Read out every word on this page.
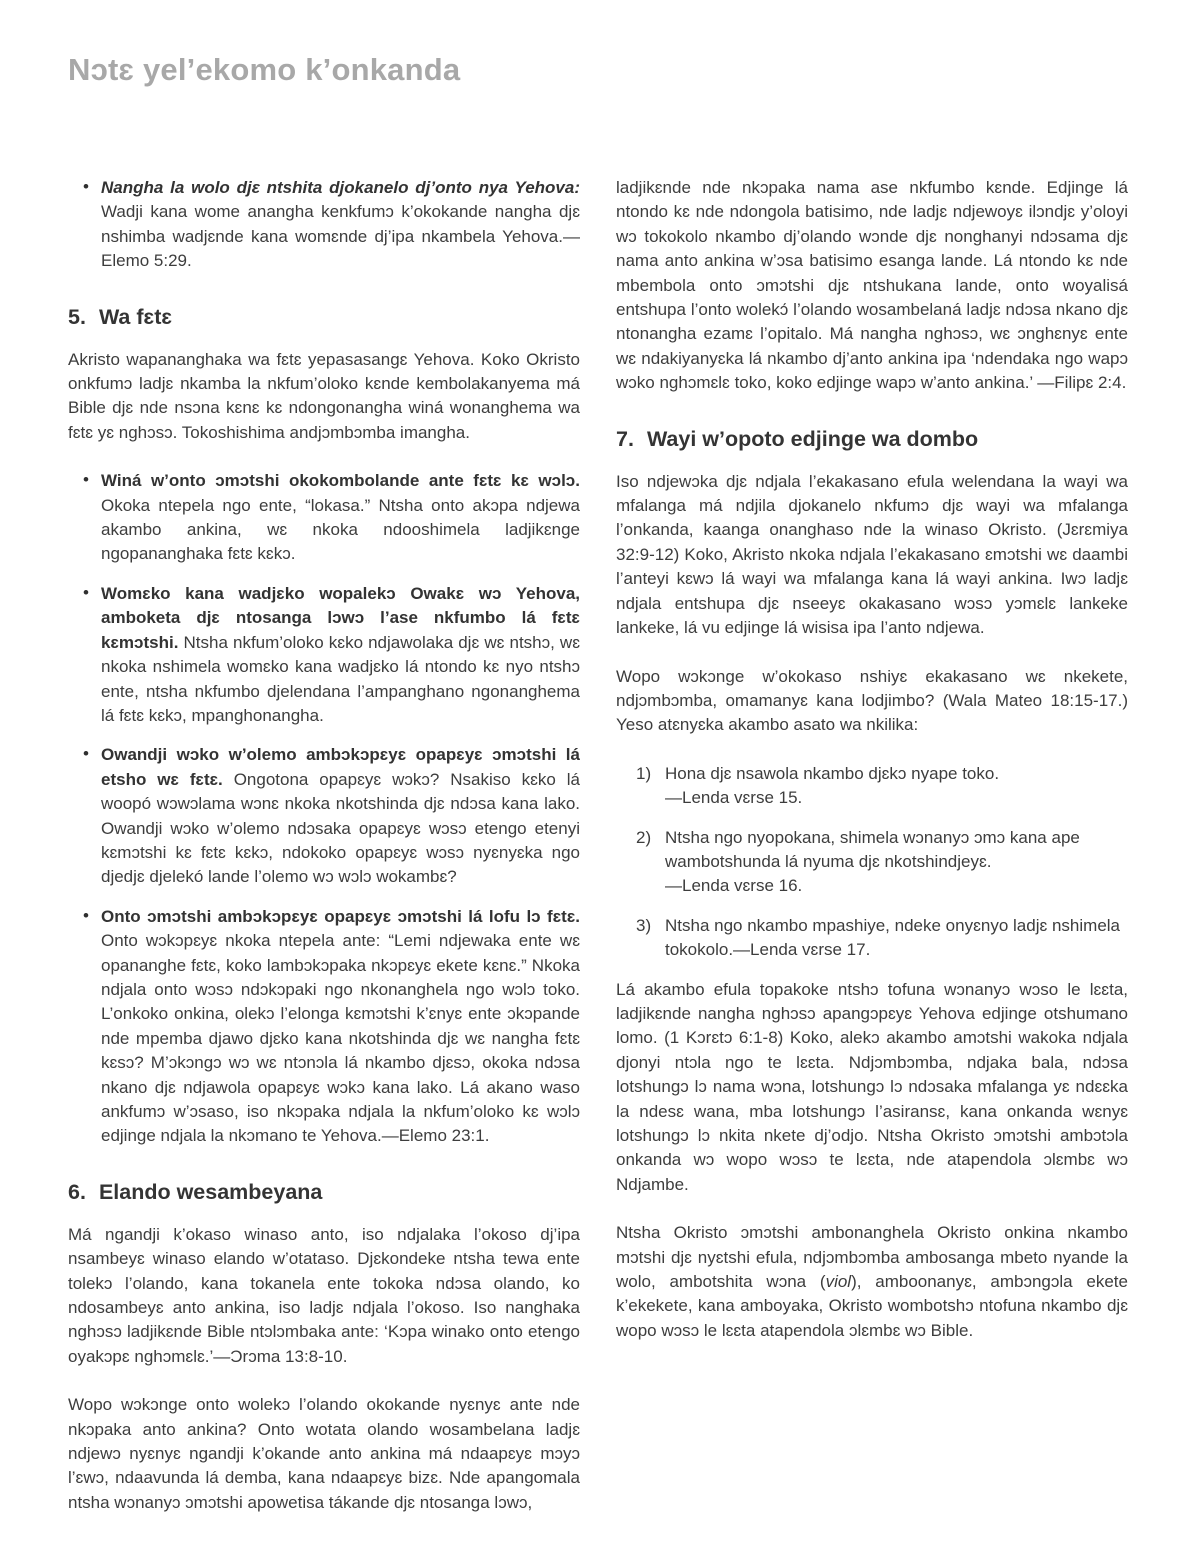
Nɔtɛ yel’ekomo k’onkanda
• Nangha la wolo djɛ ntshita djokanelo dj’onto nya Yehova: Wadji kana wome anangha kenkfumɔ k’okokande nangha djɛ nshimba wadjɛnde kana womɛnde dj’ipa nkambela Yehova.—Elemo 5:29.
5. Wa fɛtɛ

Akristo wapananghaka wa fɛtɛ yepasasangɛ Yehova. Koko Okristo onkfumɔ ladjɛ nkamba la nkfum’oloko kɛnde kembolakanyema má Bible djɛ nde nsɔna kɛnɛ kɛ ndongonangha winá wonanghema wa fɛtɛ yɛ nghɔsɔ. Tokoshishima andjɔmbɔmba imangha.

• Winá w’onto ɔmɔtshi okokombolande ante fɛtɛ kɛ wɔlɔ. Okoka ntepela ngo ente, “lokasa.” Ntsha onto akɔpa ndjewa akambo ankina, wɛ nkoka ndooshimela ladjikɛnge ngopananghaka fɛtɛ kɛkɔ.
• Womɛko kana wadjɛko wopalekɔ Owakɛ wɔ Yehova, amboketa djɛ ntosanga lɔwɔ l’ase nkfumbo lá fɛtɛ kɛmɔtshi. Ntsha nkfum’oloko kɛko ndjawolaka djɛ wɛ ntshɔ, wɛ nkoka nshimela womɛko kana wadjɛko lá ntondo kɛ nyo ntshɔ ente, ntsha nkfumbo djelendana l’ampanghano ngonanghema lá fɛtɛ kɛkɔ, mpanghonangha.
• Owandji wɔko w’olemo ambɔkɔpɛyɛ opapɛyɛ ɔmɔtshi lá etsho wɛ fɛtɛ. Ongotona opapɛyɛ wɔkɔ? Nsakiso kɛko lá woopó wɔwɔlama wɔnɛ nkoka nkotshinda djɛ ndɔsa kana lako. Owandji wɔko w’olemo ndɔsaka opapɛyɛ wɔsɔ etengo etenyi kɛmɔtshi kɛ fɛtɛ kɛkɔ, ndokoko opapɛyɛ wɔsɔ nyɛnyɛka ngo djedjɛ djelekó lande l’olemo wɔ wɔlɔ wokambɛ?
• Onto ɔmɔtshi ambɔkɔpɛyɛ opapɛyɛ ɔmɔtshi lá lofu lɔ fɛtɛ. Onto wɔkɔpɛyɛ nkoka ntepela ante: “Lemi ndjewaka ente wɛ opananghe fɛtɛ, koko lambɔkɔpaka nkɔpɛyɛ ekete kɛnɛ.” Nkoka ndjala onto wɔsɔ ndɔkɔpaki ngo nkonanghela ngo wɔlɔ toko. L’onkoko onkina, olekɔ l’elonga kɛmɔtshi k’ɛnyɛ ente ɔkɔpande nde mpemba djawo djɛko kana nkotshinda djɛ wɛ nangha fɛtɛ kɛsɔ? M’ɔkɔngɔ wɔ wɛ ntɔnɔla lá nkambo djɛsɔ, okoka ndɔsa nkano djɛ ndjawola opapɛyɛ wɔkɔ kana lako. Lá akano waso ankfumɔ w’ɔsaso, iso nkɔpaka ndjala la nkfum’oloko kɛ wɔlɔ edjinge ndjala la nkɔmano te Yehova.—Elemo 23:1.
6. Elando wesambeyana

Má ngandji k’okaso winaso anto, iso ndjalaka l’okoso dj’ipa nsambeyɛ winaso elando w’otataso. Djɛkondeke ntsha tewa ente tolekɔ l’olando, kana tokanela ente tokoka ndɔsa olando, ko ndosambeyɛ anto ankina, iso ladjɛ ndjala l’okoso. Iso nanghaka nghɔsɔ ladjikɛnde Bible ntɔlɔmbaka ante: ‘Kɔpa winako onto etengo oyakɔpɛ nghɔmɛlɛ.’—Ɔrɔma 13:8-10.

Wopo wɔkɔnge onto wolekɔ l’olando okokande nyɛnyɛ ante nde nkɔpaka anto ankina? Onto wotata olando wosambelana ladjɛ ndjewɔ nyɛnyɛ ngandji k’okande anto ankina má ndaapɛyɛ mɔyɔ l’ɛwɔ, ndaavunda lá demba, kana ndaapɛyɛ bizɛ. Nde apangomala ntsha wɔnanyɔ ɔmɔtshi apowetisa tákande djɛ ntosanga lɔwɔ,

ladjikɛnde nde nkɔpaka nama ase nkfumbo kɛnde. Edjinge lá ntondo kɛ nde ndongola batisimo, nde ladjɛ ndjewoyɛ ilɔndjɛ y’oloyi wɔ tokokolo nkambo dj’olando wɔnde djɛ nonghanyi ndɔsama djɛ nama anto ankina w’ɔsa batisimo esanga lande. Lá ntondo kɛ nde mbembola onto ɔmɔtshi djɛ ntshukana lande, onto woyalisá entshupa l’onto wolekɔ́ l’olando wosambelaná ladjɛ ndɔsa nkano djɛ ntonangha ezamɛ l’opitalo. Má nangha nghɔsɔ, wɛ ɔnghɛnyɛ ente wɛ ndakiyanyɛka lá nkambo dj’anto ankina ipa ‘ndendaka ngo wapɔ wɔko nghɔmɛlɛ toko, koko edjinge wapɔ w’anto ankina.’ —Filipɛ 2:4.

7. Wayi w’opoto edjinge wa dombo

Iso ndjewɔka djɛ ndjala l’ekakasano efula welendana la wayi wa mfalanga má ndjila djokanelo nkfumɔ djɛ wayi wa mfalanga l’onkanda, kaanga onanghaso nde la winaso Okristo. (Jɛrɛmiya 32:9-12) Koko, Akristo nkoka ndjala l’ekakasano ɛmɔtshi wɛ daambi l’anteyi kɛwɔ lá wayi wa mfalanga kana lá wayi ankina. Iwɔ ladjɛ ndjala entshupa djɛ nseeyɛ okakasano wɔsɔ yɔmɛlɛ lankeke lankeke, lá vu edjinge lá wisisa ipa l’anto ndjewa.

Wopo wɔkɔnge w’okokaso nshiyɛ ekakasano wɛ nkekete, ndjɔmbɔmba, omamanyɛ kana lodjimbo? (Wala Mateo 18:15-17.) Yeso atɛnyɛka akambo asato wa nkilika:

1) Hona djɛ nsawola nkambo djɛkɔ nyape toko.
—Lenda vɛrse 15.
2) Ntsha ngo nyopokana, shimela wɔnanyɔ ɔmɔ kana ape wambotshunda lá nyuma djɛ nkotshindjeyɛ.
—Lenda vɛrse 16.
3) Ntsha ngo nkambo mpashiye, ndeke onyɛnyo ladjɛ nshimela tokokolo.—Lenda vɛrse 17.

Lá akambo efula topakoke ntshɔ tofuna wɔnanyɔ wɔso le lɛɛta, ladjikɛnde nangha nghɔsɔ apangɔpɛyɛ Yehova edjinge otshumano lomo. (1 Kɔrɛtɔ 6:1-8) Koko, alekɔ akambo amɔtshi wakoka ndjala djonyi ntɔla ngo te lɛɛta. Ndjɔmbɔmba, ndjaka bala, ndɔsa lotshungɔ lɔ nama wɔna, lotshungɔ lɔ ndɔsaka mfalanga yɛ ndɛɛka la ndesɛ wana, mba lotshungɔ l’asiransɛ, kana onkanda wɛnyɛ lotshungɔ lɔ nkita nkete dj’odjo. Ntsha Okristo ɔmɔtshi ambɔtɔla onkanda wɔ wopo wɔsɔ te lɛɛta, nde atapendola ɔlɛmbɛ wɔ Ndjambe.

Ntsha Okristo ɔmɔtshi ambonanghela Okristo onkina nkambo mɔtshi djɛ nyɛtshi efula, ndjɔmbɔmba ambosanga mbeto nyande la wolo, ambotshita wɔna (viol), amboonanyɛ, ambɔngɔla ekete k’ekekete, kana amboyaka, Okristo wombotshɔ ntofuna nkambo djɛ wopo wɔsɔ le lɛɛta atapendola ɔlɛmbɛ wɔ Bible.
